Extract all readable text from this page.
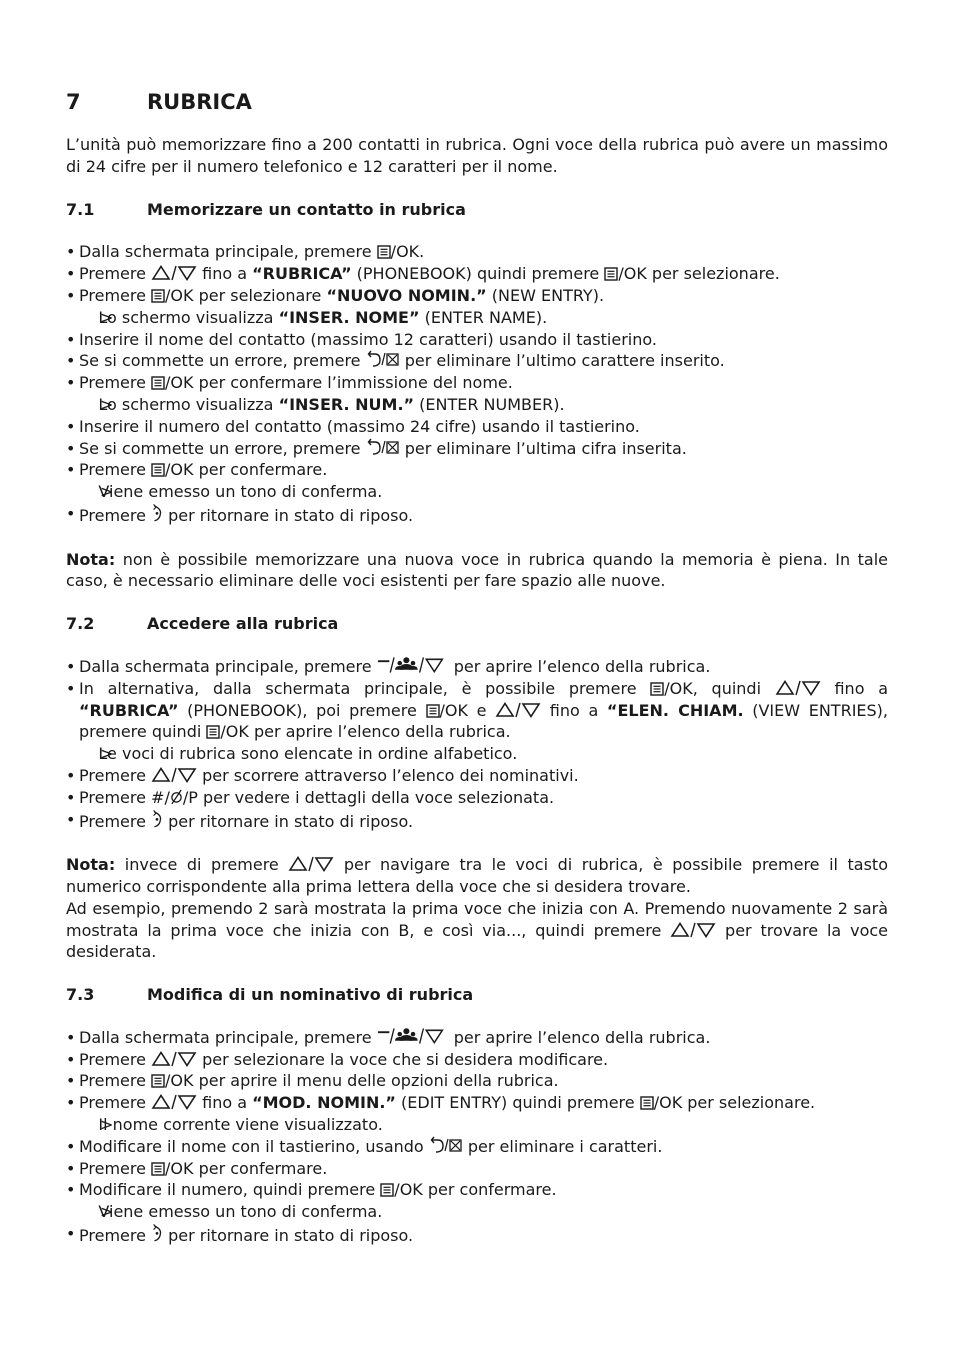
7	RUBRICA

L’unità può memorizzare fino a 200 contatti in rubrica. Ogni voce della rubrica può avere un massimo di 24 cifre per il numero telefonico e 12 caratteri per il nome.

7.1	Memorizzare un contatto in rubrica
• Dalla schermata principale, premere
/OK.
• Premere	fino a “RUBRICA” (PHONEBOOK) quindi premere
/OK per selezionare.
• Premere
/OK per selezionare “NUOVO NOMIN.” (NEW ENTRY).
> Lo schermo visualizza “INSER. NOME” (ENTER NAME).
• Inserire il nome del contatto (massimo 12 caratteri) usando il tastierino.
• Se si commette un errore, premere
per eliminare l’ultimo carattere inserito.
• Premere
/OK per confermare l’immissione del nome.
> Lo schermo visualizza “INSER. NUM.” (ENTER NUMBER).
• Inserire il numero del contatto (massimo 24 cifre) usando il tastierino.
• Se si commette un errore, premere
per eliminare l’ultima cifra inserita.
• Premere
/OK per confermare.
> Viene emesso un tono di conferma.
• Premere
per ritornare in stato di riposo.

Nota: non è possibile memorizzare una nuova voce in rubrica quando la memoria è piena. In tale caso, è necessario eliminare delle voci esistenti per fare spazio alle nuove.

7.2	Accedere alla rubrica
• Dalla schermata principale, premere	per aprire l’elenco della rubrica.
• In alternativa, dalla schermata principale, è possibile premere
/OK, quindi	fino a “RUBRICA” (PHONEBOOK), poi premere
/OK e	fino a “ELEN. CHIAM. (VIEW ENTRIES), premere quindi
/OK per aprire l’elenco della rubrica.
> Le voci di rubrica sono elencate in ordine alfabetico.
• Premere	per scorrere attraverso l’elenco dei nominativi.
• Premere #/ /P per vedere i dettagli della voce selezionata.
• Premere
per ritornare in stato di riposo.

Nota: invece di premere	per navigare tra le voci di rubrica, è possibile premere il tasto numerico corrispondente alla prima lettera della voce che si desidera trovare.

Ad esempio, premendo 2 sarà mostrata la prima voce che inizia con A. Premendo nuovamente 2 sarà mostrata la prima voce che inizia con B, e così via..., quindi premere	per trovare la voce desiderata.

7.3	Modifica di un nominativo di rubrica
• Dalla schermata principale, premere	per aprire l’elenco della rubrica.
• Premere	per selezionare la voce che si desidera modificare.
• Premere
/OK per aprire il menu delle opzioni della rubrica.
• Premere	fino a “MOD. NOMIN.” (EDIT ENTRY) quindi premere
/OK per selezionare.
> Il nome corrente viene visualizzato.
• Modificare il nome con il tastierino, usando
per eliminare i caratteri.
• Premere
/OK per confermare.
• Modificare il numero, quindi premere
/OK per confermare.
> Viene emesso un tono di conferma.
• Premere
per ritornare in stato di riposo.
